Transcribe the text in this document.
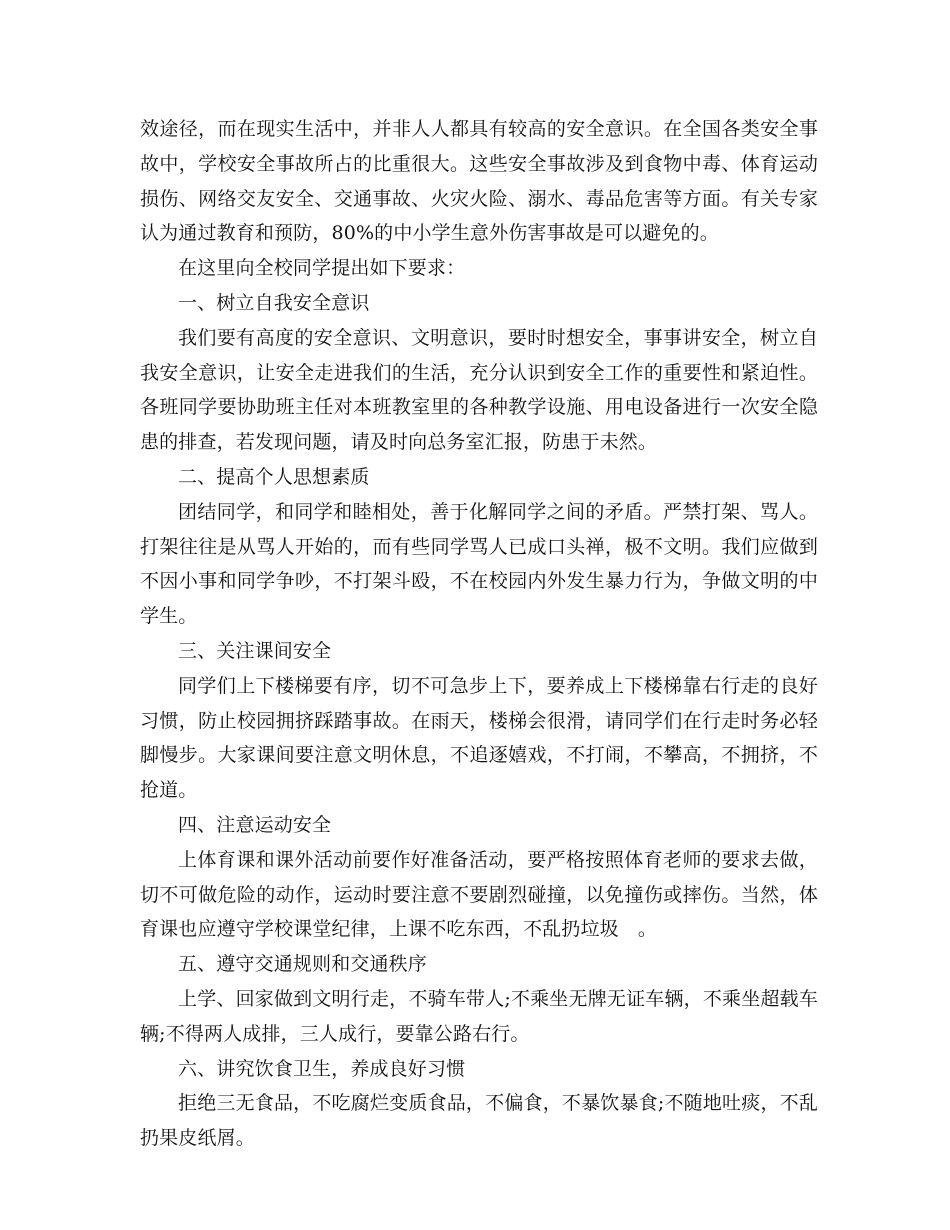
效途径，而在现实生活中，并非人人都具有较高的安全意识。在全国各类安全事故中，学校安全事故所占的比重很大。这些安全事故涉及到食物中毒、体育运动损伤、网络交友安全、交通事故、火灾火险、溺水、毒品危害等方面。有关专家认为通过教育和预防，80%的中小学生意外伤害事故是可以避免的。

在这里向全校同学提出如下要求：

一、树立自我安全意识

我们要有高度的安全意识、文明意识，要时时想安全，事事讲安全，树立自我安全意识，让安全走进我们的生活，充分认识到安全工作的重要性和紧迫性。各班同学要协助班主任对本班教室里的各种教学设施、用电设备进行一次安全隐患的排查，若发现问题，请及时向总务室汇报，防患于未然。

二、提高个人思想素质

团结同学，和同学和睦相处，善于化解同学之间的矛盾。严禁打架、骂人。打架往往是从骂人开始的，而有些同学骂人已成口头禅，极不文明。我们应做到不因小事和同学争吵，不打架斗殴，不在校园内外发生暴力行为，争做文明的中学生。

三、关注课间安全

同学们上下楼梯要有序，切不可急步上下，要养成上下楼梯靠右行走的良好习惯，防止校园拥挤踩踏事故。在雨天，楼梯会很滑，请同学们在行走时务必轻脚慢步。大家课间要注意文明休息，不追逐嬉戏，不打闹，不攀高，不拥挤，不抢道。

四、注意运动安全

上体育课和课外活动前要作好准备活动，要严格按照体育老师的要求去做，切不可做危险的动作，运动时要注意不要剧烈碰撞，以免撞伤或摔伤。当然，体育课也应遵守学校课堂纪律，上课不吃东西，不乱扔垃圾　。

五、遵守交通规则和交通秩序

上学、回家做到文明行走，不骑车带人;不乘坐无牌无证车辆，不乘坐超载车辆;不得两人成排，三人成行，要靠公路右行。

六、讲究饮食卫生，养成良好习惯

拒绝三无食品，不吃腐烂变质食品，不偏食，不暴饮暴食;不随地吐痰，不乱扔果皮纸屑。
